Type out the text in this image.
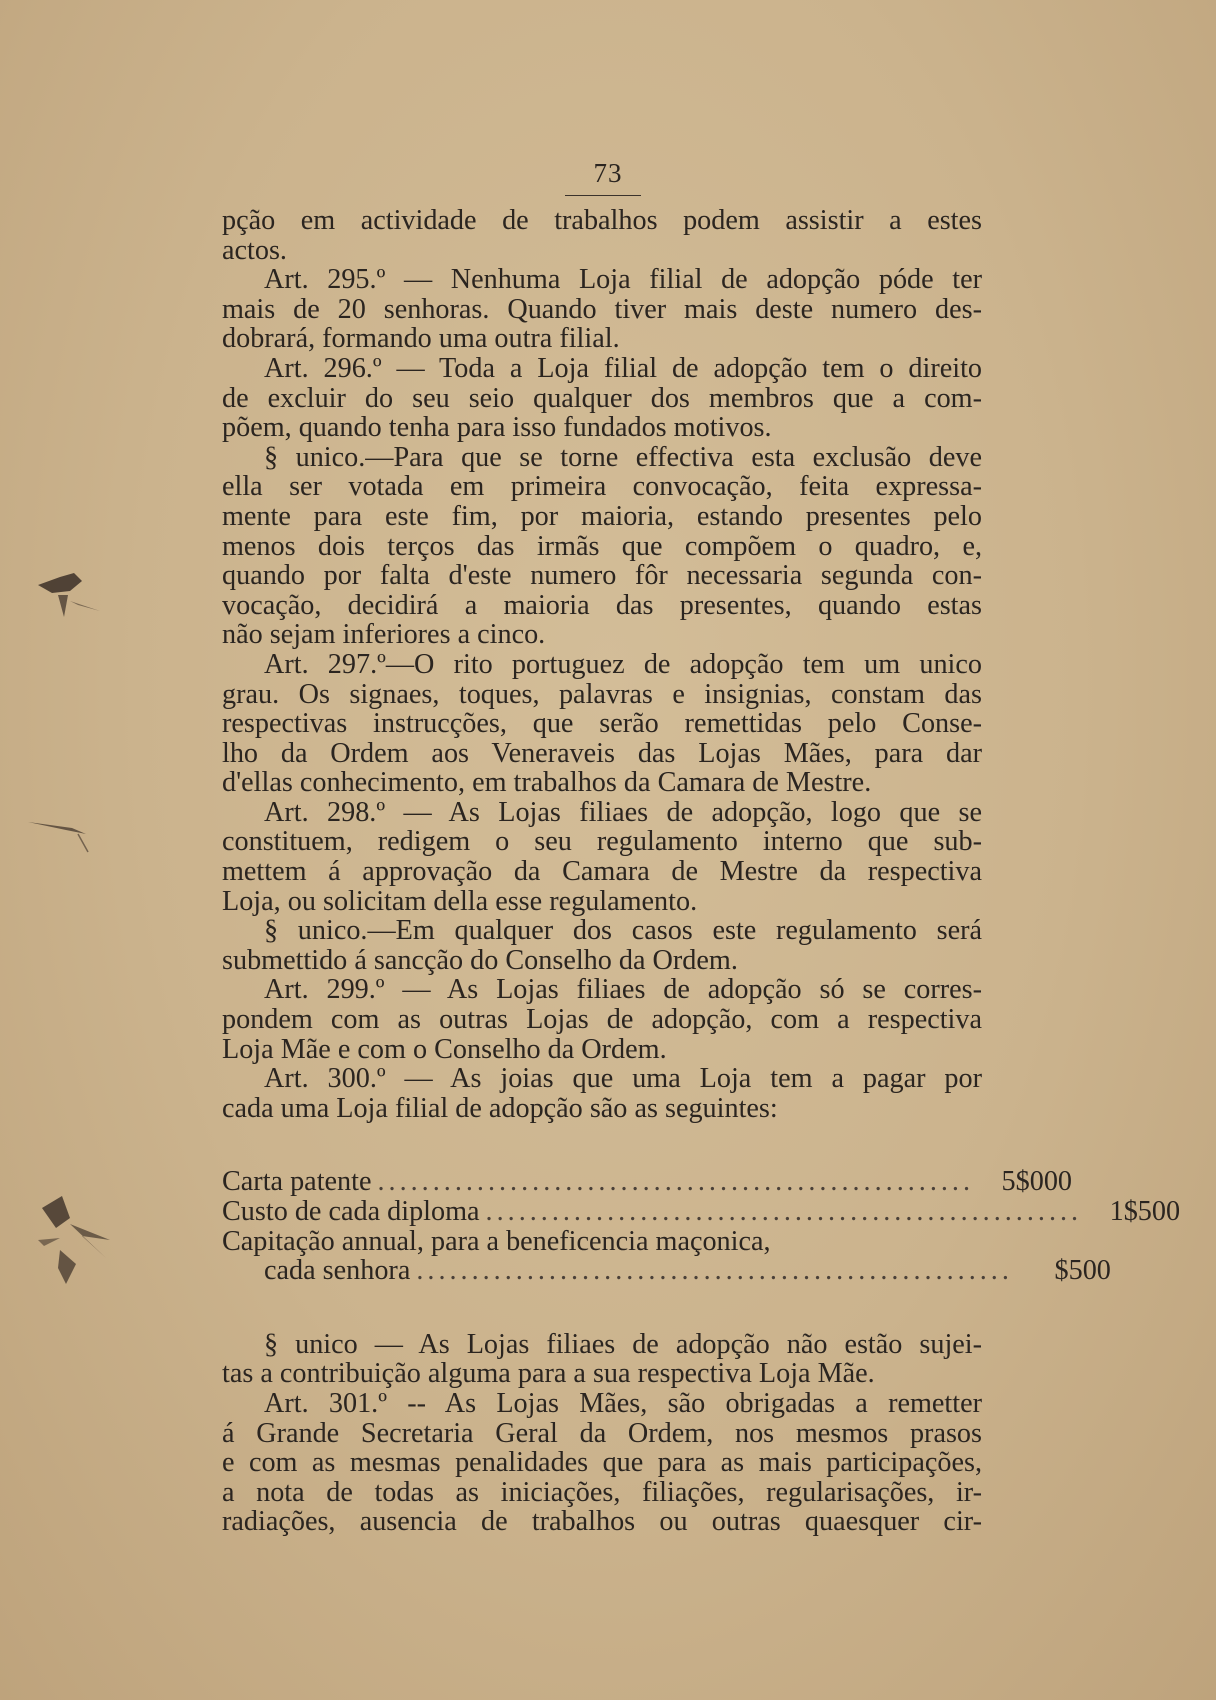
73
pção em actividade de trabalhos podem assistir a estes
actos.
Art. 295.º — Nenhuma Loja filial de adopção póde ter
mais de 20 senhoras. Quando tiver mais deste numero des-
dobrará, formando uma outra filial.
Art. 296.º — Toda a Loja filial de adopção tem o direito
de excluir do seu seio qualquer dos membros que a com-
põem, quando tenha para isso fundados motivos.
§ unico.—Para que se torne effectiva esta exclusão deve
ella ser votada em primeira convocação, feita expressa-
mente para este fim, por maioria, estando presentes pelo
menos dois terços das irmãs que compõem o quadro, e,
quando por falta d'este numero fôr necessaria segunda con-
vocação, decidirá a maioria das presentes, quando estas
não sejam inferiores a cinco.
Art. 297.º—O rito portuguez de adopção tem um unico
grau. Os signaes, toques, palavras e insignias, constam das
respectivas instrucções, que serão remettidas pelo Conse-
lho da Ordem aos Veneraveis das Lojas Mães, para dar
d'ellas conhecimento, em trabalhos da Camara de Mestre.
Art. 298.º — As Lojas filiaes de adopção, logo que se
constituem, redigem o seu regulamento interno que sub-
mettem á approvação da Camara de Mestre da respectiva
Loja, ou solicitam della esse regulamento.
§ unico.—Em qualquer dos casos este regulamento será
submettido á sancção do Conselho da Ordem.
Art. 299.º — As Lojas filiaes de adopção só se corres-
pondem com as outras Lojas de adopção, com a respectiva
Loja Mãe e com o Conselho da Ordem.
Art. 300.º — As joias que uma Loja tem a pagar por
cada uma Loja filial de adopção são as seguintes:
Carta patente ...................................................... 5$000
Custo de cada diploma ...................................................... 1$500
Capitação annual, para a beneficencia maçonica,
cada senhora ......................................................	$500
§ unico — As Lojas filiaes de adopção não estão sujei-
tas a contribuição alguma para a sua respectiva Loja Mãe.
Art. 301.º -- As Lojas Mães, são obrigadas a remetter
á Grande Secretaria Geral da Ordem, nos mesmos prasos
e com as mesmas penalidades que para as mais participações,
a nota de todas as iniciações, filiações, regularisações, ir-
radiações, ausencia de trabalhos ou outras quaesquer cir-
